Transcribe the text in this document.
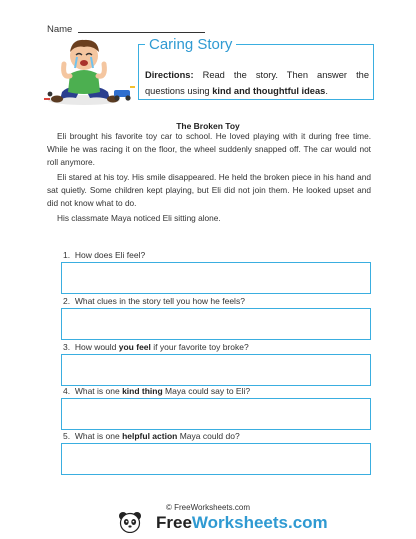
Name
Caring Story
Directions: Read the story. Then answer the questions using kind and thoughtful ideas.
The Broken Toy
Eli brought his favorite toy car to school. He loved playing with it during free time. While he was racing it on the floor, the wheel suddenly snapped off. The car would not roll anymore.
Eli stared at his toy. His smile disappeared. He held the broken piece in his hand and sat quietly. Some children kept playing, but Eli did not join them. He looked upset and did not know what to do.
His classmate Maya noticed Eli sitting alone.
1. How does Eli feel?
2. What clues in the story tell you how he feels?
3. How would you feel if your favorite toy broke?
4. What is one kind thing Maya could say to Eli?
5. What is one helpful action Maya could do?
© FreeWorksheets.com
FreeWorksheets.com
